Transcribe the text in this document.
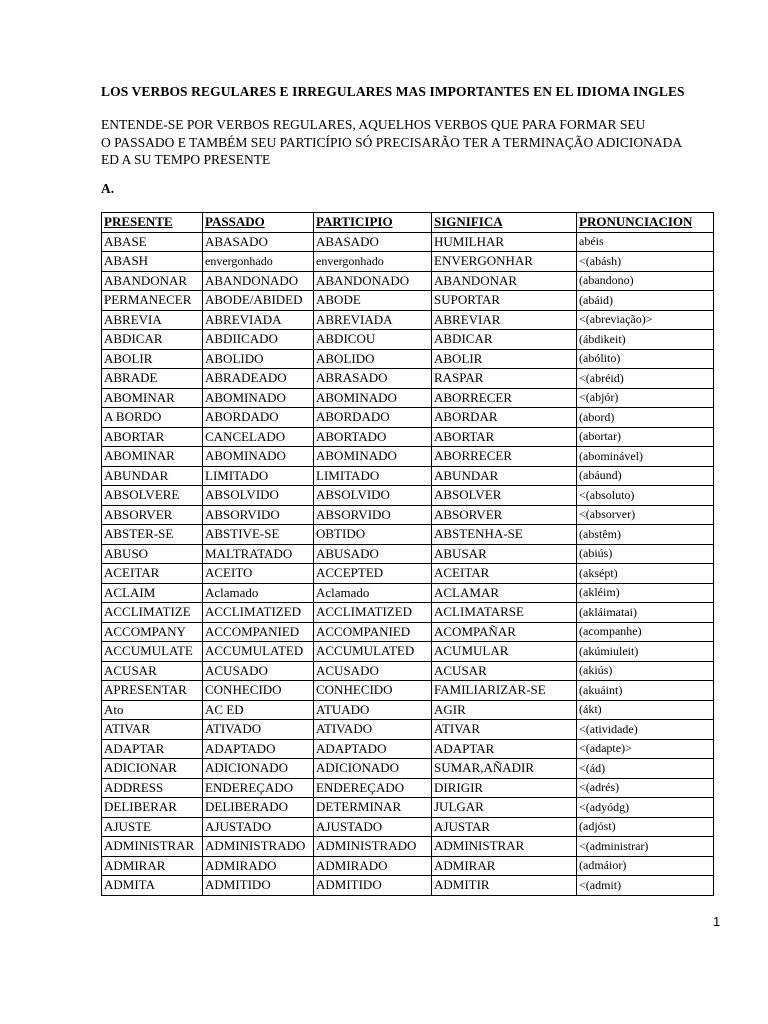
LOS VERBOS REGULARES E IRREGULARES MAS IMPORTANTES EN EL IDIOMA INGLES
ENTENDE-SE POR VERBOS REGULARES, AQUELHOS VERBOS QUE PARA FORMAR SEU
O PASSADO E TAMBÉM SEU PARTICÍPIO SÓ PRECISARÃO TER A TERMINAÇÃO ADICIONADA
ED A SU TEMPO PRESENTE
A.
PRESENTE	PASSADO	PARTICIPIO	SIGNIFICA	PRONUNCIACION
ABASE	ABASADO	ABASADO	HUMILHAR	abéis
ABASH	envergonhado	envergonhado	ENVERGONHAR	<(abásh)
ABANDONAR	ABANDONADO	ABANDONADO	ABANDONAR	(abandono)
PERMANECER	ABODE/ABIDED	ABODE	SUPORTAR	(abáid)
ABREVIA	ABREVIADA	ABREVIADA	ABREVIAR	<(abreviação)>
ABDICAR	ABDIICADO	ABDICOU	ABDICAR	(ábdikeit)
ABOLIR	ABOLIDO	ABOLIDO	ABOLIR	(abólito)
ABRADE	ABRADEADO	ABRASADO	RASPAR	<(abréid)
ABOMINAR	ABOMINADO	ABOMINADO	ABORRECER	<(abjór)
A BORDO	ABORDADO	ABORDADO	ABORDAR	(abord)
ABORTAR	CANCELADO	ABORTADO	ABORTAR	(abortar)
ABOMINAR	ABOMINADO	ABOMINADO	ABORRECER	(abominável)
ABUNDAR	LIMITADO	LIMITADO	ABUNDAR	(abáund)
ABSOLVERE	ABSOLVIDO	ABSOLVIDO	ABSOLVER	<(absoluto)
ABSORVER	ABSORVIDO	ABSORVIDO	ABSORVER	<(absorver)
ABSTER-SE	ABSTIVE-SE	OBTIDO	ABSTENHA-SE	(abstêm)
ABUSO	MALTRATADO	ABUSADO	ABUSAR	(abiús)
ACEITAR	ACEITO	ACCEPTED	ACEITAR	(aksépt)
ACLAIM	Aclamado	Aclamado	ACLAMAR	(akléim)
ACCLIMATIZE	ACCLIMATIZED	ACCLIMATIZED	ACLIMATARSE	(akláimatai)
ACCOMPANY	ACCOMPANIED	ACCOMPANIED	ACOMPAÑAR	(acompanhe)
ACCUMULATE	ACCUMULATED	ACCUMULATED	ACUMULAR	(akúmiuleit)
ACUSAR	ACUSADO	ACUSADO	ACUSAR	(akiús)
APRESENTAR	CONHECIDO	CONHECIDO	FAMILIARIZAR-SE	(akuáint)
Ato	AC ED	ATUADO	AGIR	(ákt)
ATIVAR	ATIVADO	ATIVADO	ATIVAR	<(atividade)
ADAPTAR	ADAPTADO	ADAPTADO	ADAPTAR	<(adapte)>
ADICIONAR	ADICIONADO	ADICIONADO	SUMAR,AÑADIR	<(ád)
ADDRESS	ENDEREÇADO	ENDEREÇADO	DIRIGIR	<(adrés)
DELIBERAR	DELIBERADO	DETERMINAR	JULGAR	<(adyódg)
AJUSTE	AJUSTADO	AJUSTADO	AJUSTAR	(adjóst)
ADMINISTRAR	ADMINISTRADO	ADMINISTRADO	ADMINISTRAR	<(administrar)
ADMIRAR	ADMIRADO	ADMIRADO	ADMIRAR	(admáior)
ADMITA	ADMITIDO	ADMITIDO	ADMITIR	<(admit)
1
